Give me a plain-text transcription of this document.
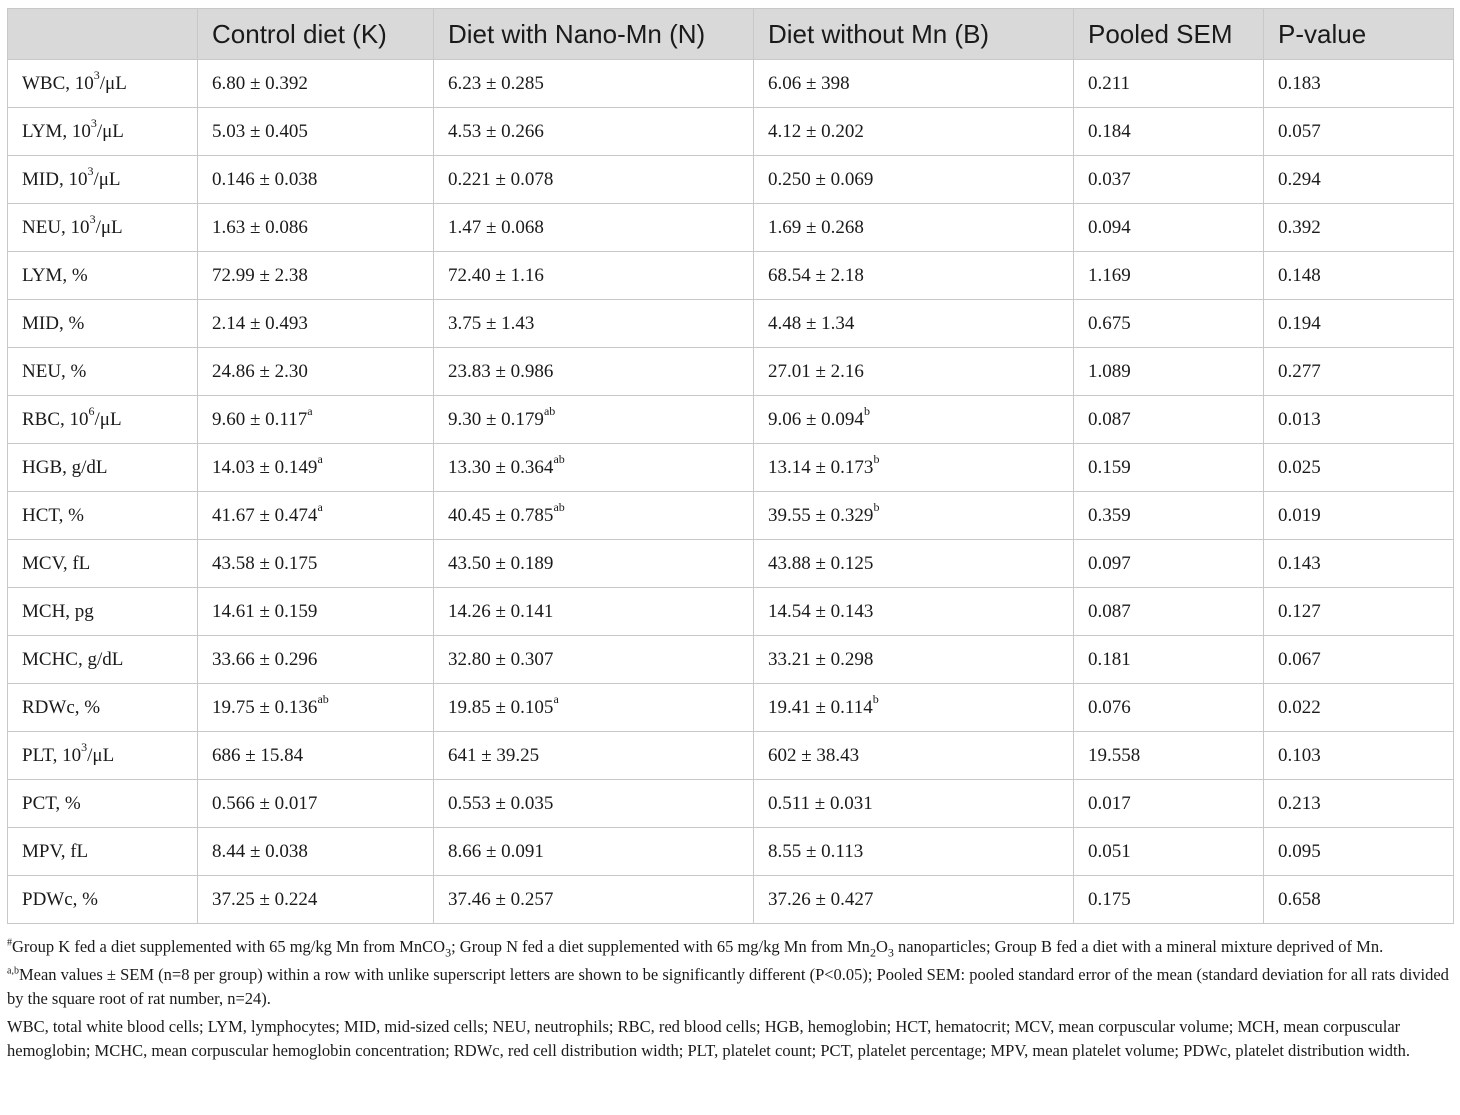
	Control diet (K)	Diet with Nano-Mn (N)	Diet without Mn (B)	Pooled SEM	P-value
WBC, $10^3/\mu L$	6.80 ± 0.392	6.23 ± 0.285	6.06 ± 398	0.211	0.183
LYM, $10^3/\mu L$	5.03 ± 0.405	4.53 ± 0.266	4.12 ± 0.202	0.184	0.057
MID, $10^3/\mu L$	0.146 ± 0.038	0.221 ± 0.078	0.250 ± 0.069	0.037	0.294
NEU, $10^3/\mu L$	1.63 ± 0.086	1.47 ± 0.068	1.69 ± 0.268	0.094	0.392
LYM, %	72.99 ± 2.38	72.40 ± 1.16	68.54 ± 2.18	1.169	0.148
MID, %	2.14 ± 0.493	3.75 ± 1.43	4.48 ± 1.34	0.675	0.194
NEU, %	24.86 ± 2.30	23.83 ± 0.986	27.01 ± 2.16	1.089	0.277
RBC, $10^6/\mu L$	9.60 ± 0.117$^a$	9.30 ± 0.179$^{ab}$	9.06 ± 0.094$^b$	0.087	0.013
HGB, g/dL	14.03 ± 0.149$^a$	13.30 ± 0.364$^{ab}$	13.14 ± 0.173$^b$	0.159	0.025
HCT, %	41.67 ± 0.474$^a$	40.45 ± 0.785$^{ab}$	39.55 ± 0.329$^b$	0.359	0.019
MCV, fL	43.58 ± 0.175	43.50 ± 0.189	43.88 ± 0.125	0.097	0.143
MCH, pg	14.61 ± 0.159	14.26 ± 0.141	14.54 ± 0.143	0.087	0.127
MCHC, g/dL	33.66 ± 0.296	32.80 ± 0.307	33.21 ± 0.298	0.181	0.067
RDWc, %	19.75 ± 0.136$^{ab}$	19.85 ± 0.105$^a$	19.41 ± 0.114$^b$	0.076	0.022
PLT, $10^3/\mu L$	686 ± 15.84	641 ± 39.25	602 ± 38.43	19.558	0.103
PCT, %	0.566 ± 0.017	0.553 ± 0.035	0.511 ± 0.031	0.017	0.213
MPV, fL	8.44 ± 0.038	8.66 ± 0.091	8.55 ± 0.113	0.051	0.095
PDWc, %	37.25 ± 0.224	37.46 ± 0.257	37.26 ± 0.427	0.175	0.658

#Group K fed a diet supplemented with 65 mg/kg Mn from MnCO$_3$; Group N fed a diet supplemented with 65 mg/kg Mn from $Mn_2O_3$ nanoparticles; Group B fed a diet with a mineral mixture deprived of Mn.

$^{a,b}$Mean values ± SEM (n=8 per group) within a row with unlike superscript letters are shown to be significantly different (P<0.05); Pooled SEM: pooled standard error of the mean (standard deviation for all rats divided by the square root of rat number, n=24).

WBC, total white blood cells; LYM, lymphocytes; MID, mid-sized cells; NEU, neutrophils; RBC, red blood cells; HGB, hemoglobin; HCT, hematocrit; MCV, mean corpuscular volume; MCH, mean corpuscular hemoglobin; MCHC, mean corpuscular hemoglobin concentration; RDWc, red cell distribution width; PLT, platelet count; PCT, platelet percentage; MPV, mean platelet volume; PDWc, platelet distribution width.
